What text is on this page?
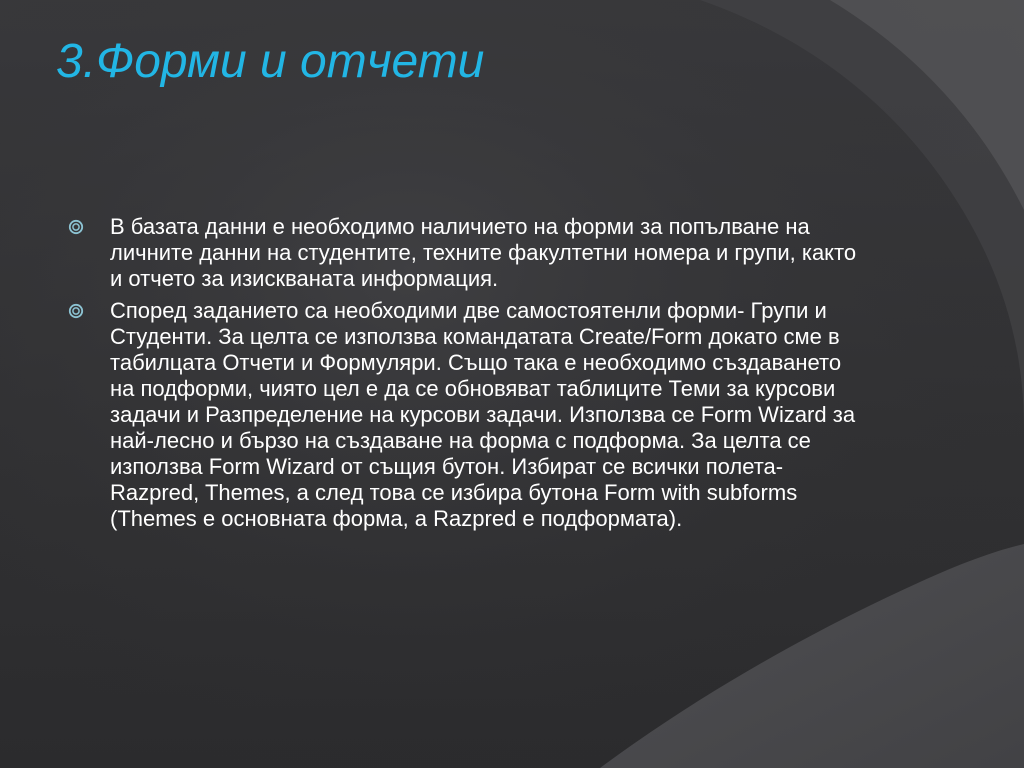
3.Форми и отчети
В базата данни е необходимо наличието на форми за попълване на личните данни на студентите, техните факултетни номера и групи, както и отчето за изискваната информация.
Според заданието са необходими две самостоятенли форми- Групи и Студенти. За целта се използва командатата Create/Form докато сме в табилцата Отчети и Формуляри. Също така е необходимо създаването на подформи, чиято цел е да се обновяват таблиците Теми за курсови задачи и Разпределение на курсови задачи. Използва се Form Wizard за най-лесно и бързо на създаване на форма с подформа. За целта се използва Form Wizard от същия бутон. Избират се всички полета- Razpred, Themes, а след това се избира бутона Form with subforms (Themes е основната форма, а Razpred е подформата).
